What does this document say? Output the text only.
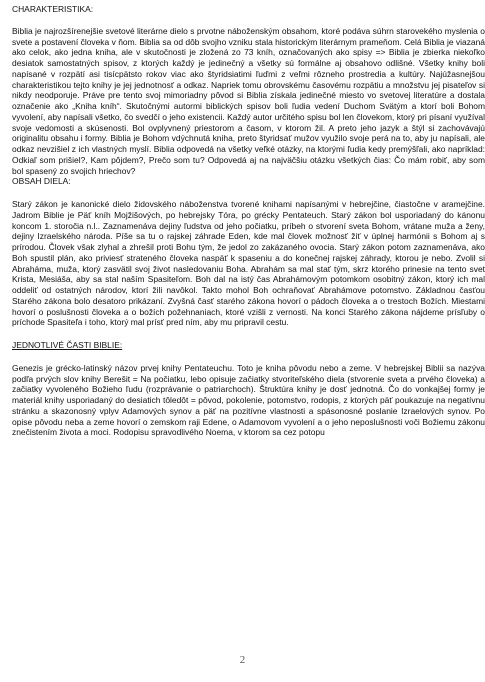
CHARAKTERISTIKA:

Biblia je najrozšírenejšie svetové literárne dielo s prvotne náboženským obsahom, ktoré podáva súhrn starovekého myslenia o svete a postavení človeka v ňom. Biblia sa od dôb svojho vzniku stala historickým literárnym prameňom. Celá Biblia je viazaná ako celok, ako jedna kniha, ale v skutočnosti je zložená zo 73 kníh, označovaných ako spisy => Biblia je zbierka niekoľko desiatok samostatných spisov, z ktorých každý je jedinečný a všetky sú formálne aj obsahovo odlišné. Všetky knihy boli napísané v rozpätí asi tisícpätsto rokov viac ako štyridsiatimi ľuďmi z veľmi rôzneho prostredia a kultúry. Najúžasnejšou charakteristikou tejto knihy je jej jednotnosť a odkaz. Napriek tomu obrovskému časovému rozpätiu a množstvu jej pisateľov si nikdy neodporuje. Práve pre tento svoj mimoriadny pôvod si Biblia získala jedinečné miesto vo svetovej literatúre a dostala označenie ako „Kniha kníh“. Skutočnými autormi biblických spisov boli ľudia vedení Duchom Svätým a ktorí boli Bohom vyvolení, aby napísali všetko, čo svedčí o jeho existencii. Každý autor určitého spisu bol len človekom, ktorý pri písaní využíval svoje vedomosti a skúsenosti. Bol ovplyvnený priestorom a časom, v ktorom žil. A preto jeho jazyk a štýl si zachovávajú originalitu obsahu i formy. Biblia je Bohom vdýchnutá kniha, preto štyridsať mužov využilo svoje perá na to, aby ju napísali, ale odkaz nevzišiel z ich vlastných myslí. Biblia odpovedá na všetky veľké otázky, na ktorými ľudia kedy premýšľali, ako napríklad: Odkiaľ som prišiel?, Kam pôjdem?, Prečo som tu? Odpovedá aj na najväčšiu otázku všetkých čias: Čo mám robiť, aby som bol spasený zo svojich hriechov?

OBSAH DIELA:

Starý zákon je kanonické dielo židovského náboženstva tvorené knihami napísanými v hebrejčine, čiastočne v aramejčine. Jadrom Biblie je Päť kníh Mojžišových, po hebrejsky Tóra, po grécky Pentateuch. Starý zákon bol usporiadaný do kánonu koncom 1. storočia n.l.. Zaznamenáva dejiny ľudstva od jeho počiatku, príbeh o stvorení sveta Bohom, vrátane muža a ženy, dejiny Izraelského národa. Píše sa tu o rajskej záhrade Eden, kde mal človek možnosť žiť v úplnej harmónii s Bohom aj s prírodou. Človek však zlyhal a zhrešil proti Bohu tým, že jedol zo zakázaného ovocia. Starý zákon potom zaznamenáva, ako Boh spustil plán, ako priviesť strateného človeka naspäť k spaseniu a do konečnej rajskej záhrady, ktorou je nebo. Zvolil si Abraháma, muža, ktorý zasvätil svoj život nasledovaniu Boha. Abrahám sa mal stať tým, skrz ktorého prinesie na tento svet Krista, Mesiáša, aby sa stal naším Spasiteľom. Boh dal na istý čas Abrahámovým potomkom osobitný zákon, ktorý ich mal oddeliť od ostatných národov, ktorí žili navôkol. Takto mohol Boh ochraňovať Abrahámove potomstvo. Základnou časťou Starého zákona bolo desatoro prikázaní. Zvyšná časť starého zákona hovorí o pádoch človeka a o trestoch Božích. Miestami hovorí o poslušnosti človeka a o božích požehnaniach, ktoré vzišli z vernosti. Na konci Starého zákona nájdeme prísľuby o príchode Spasiteľa i toho, ktorý mal prísť pred ním, aby mu pripravil cestu.

JEDNOTLIVÉ ČASTI BIBLIE:

Genezis je grécko-latinský názov prvej knihy Pentateuchu. Toto je kniha pôvodu nebo a zeme. V hebrejskej Biblii sa nazýva podľa prvých slov knihy Berešit = Na počiatku, lebo opisuje začiatky stvoriteľského diela (stvorenie sveta a prvého človeka) a začiatky vyvoleného Božieho ľudu (rozprávanie o patriarchoch). Štruktúra knihy je dosť jednotná. Čo do vonkajšej formy je materiál knihy usporiadaný do desiatich tôledôt = pôvod, pokolenie, potomstvo, rodopis, z ktorých päť poukazuje na negatívnu stránku a skazonosný vplyv Adamových synov a päť na pozitívne vlastnosti a spásonosné poslanie Izraelových synov. Po opise pôvodu neba a zeme hovorí o zemskom raji Edene, o Adamovom vyvolení a o jeho neposlušnosti voči Božiemu zákonu znečistením života a moci. Rodopisu spravodlivého Noema, v ktorom sa cez potopu

2
